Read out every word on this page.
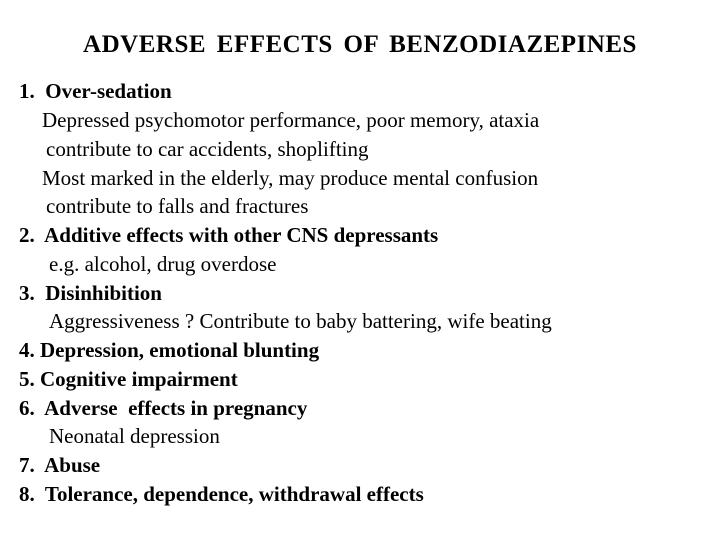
ADVERSE EFFECTS OF BENZODIAZEPINES
1. Over-sedation
Depressed psychomotor performance, poor memory, ataxia
contribute to car accidents, shoplifting
Most marked in the elderly, may produce mental confusion
contribute to falls and fractures
2. Additive effects with other CNS depressants
e.g. alcohol, drug overdose
3. Disinhibition
Aggressiveness ? Contribute to baby battering, wife beating
4. Depression, emotional blunting
5. Cognitive impairment
6. Adverse  effects in pregnancy
Neonatal depression
7. Abuse
8. Tolerance, dependence, withdrawal effects
